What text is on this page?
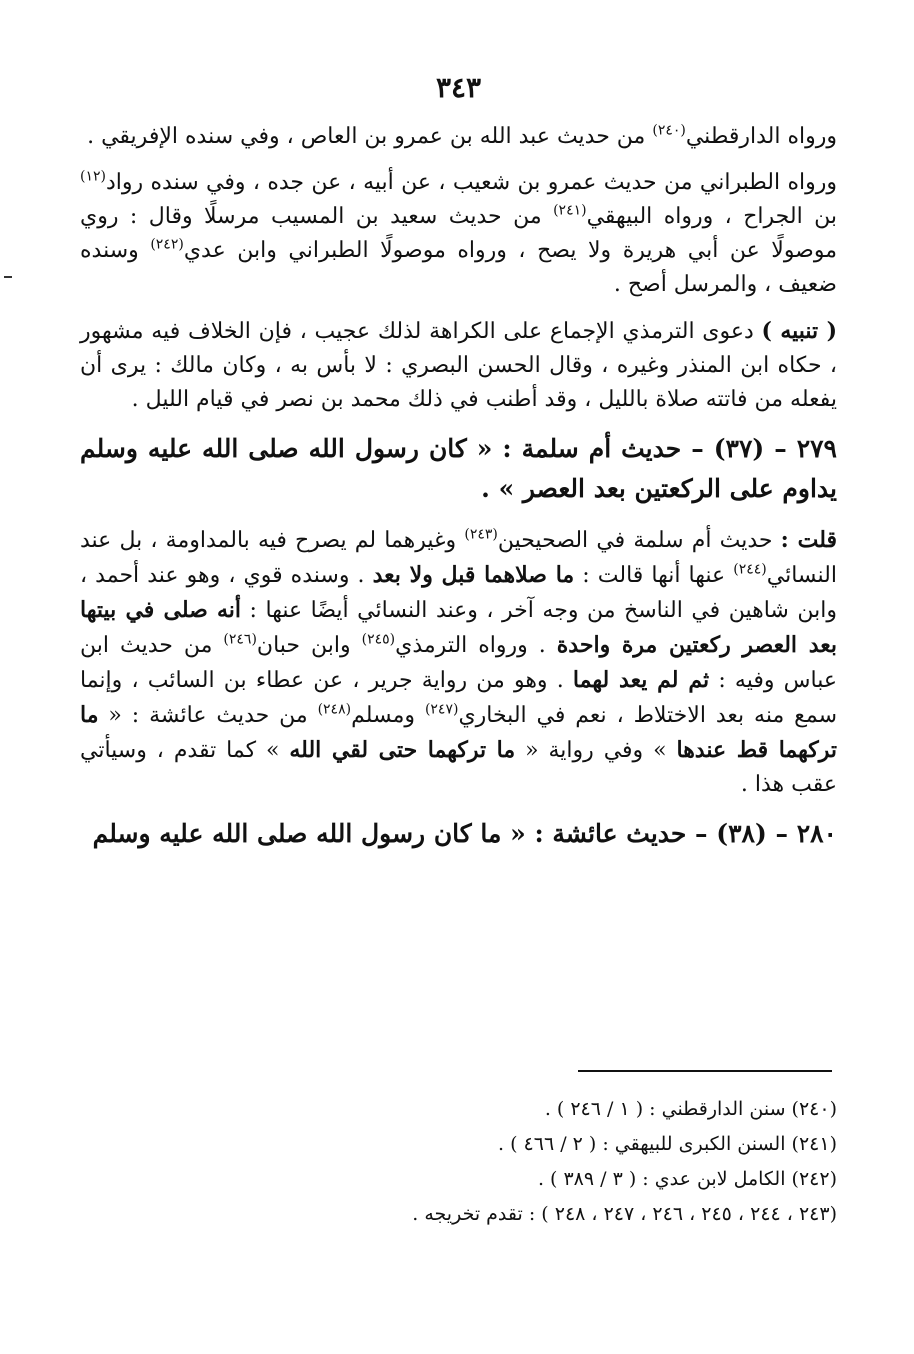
٣٤٣

ورواه الدارقطني$^{(٢٤٠)}$ من حديث عبد الله بن عمرو بن العاص ، وفي سنده الإفريقي .

ورواه الطبراني من حديث عمرو بن شعيب ، عن أبيه ، عن جده ، وفي سنده رواد$^{(١٢)}$ بن الجراح ، ورواه البيهقي$^{(٢٤١)}$ من حديث سعيد بن المسيب مرسلًا وقال : روي موصولًا عن أبي هريرة ولا يصح ، ورواه موصولًا الطبراني وابن عدي$^{(٢٤٢)}$ وسنده ضعيف ، والمرسل أصح .

( تنبيه ) دعوى الترمذي الإجماع على الكراهة لذلك عجيب ، فإن الخلاف فيه مشهور ، حكاه ابن المنذر وغيره ، وقال الحسن البصري : لا بأس به ، وكان مالك : يرى أن يفعله من فاتته صلاة بالليل ، وقد أطنب في ذلك محمد بن نصر في قيام الليل .

٢٧٩ – (٣٧) – حديث أم سلمة : « كان رسول الله صلى الله عليه وسلم يداوم على الركعتين بعد العصر » .

قلت : حديث أم سلمة في الصحيحين$^{(٢٤٣)}$ وغيرهما لم يصرح فيه بالمداومة ، بل عند النسائي$^{(٢٤٤)}$ عنها أنها قالت : ما صلاهما قبل ولا بعد . وسنده قوي ، وهو عند أحمد ، وابن شاهين في الناسخ من وجه آخر ، وعند النسائي أيضًا عنها : أنه صلى في بيتها بعد العصر ركعتين مرة واحدة . ورواه الترمذي$^{(٢٤٥)}$ وابن حبان$^{(٢٤٦)}$ من حديث ابن عباس وفيه : ثم لم يعد لهما . وهو من رواية جرير ، عن عطاء بن السائب ، وإنما سمع منه بعد الاختلاط ، نعم في البخاري$^{(٢٤٧)}$ ومسلم$^{(٢٤٨)}$ من حديث عائشة : « ما تركهما قط عندها » وفي رواية « ما تركهما حتى لقي الله » كما تقدم ، وسيأتي عقب هذا .

٢٨٠ – (٣٨) – حديث عائشة : « ما كان رسول الله صلى الله عليه وسلم

(٢٤٠) سنن الدارقطني : ( ١ / ٢٤٦ ) .
(٢٤١) السنن الكبرى للبيهقي : ( ٢ / ٤٦٦ ) .
(٢٤٢) الكامل لابن عدي : ( ٣ / ٣٨٩ ) .
(٢٤٣ ، ٢٤٤ ، ٢٤٥ ، ٢٤٦ ، ٢٤٧ ، ٢٤٨ ) : تقدم تخريجه .
